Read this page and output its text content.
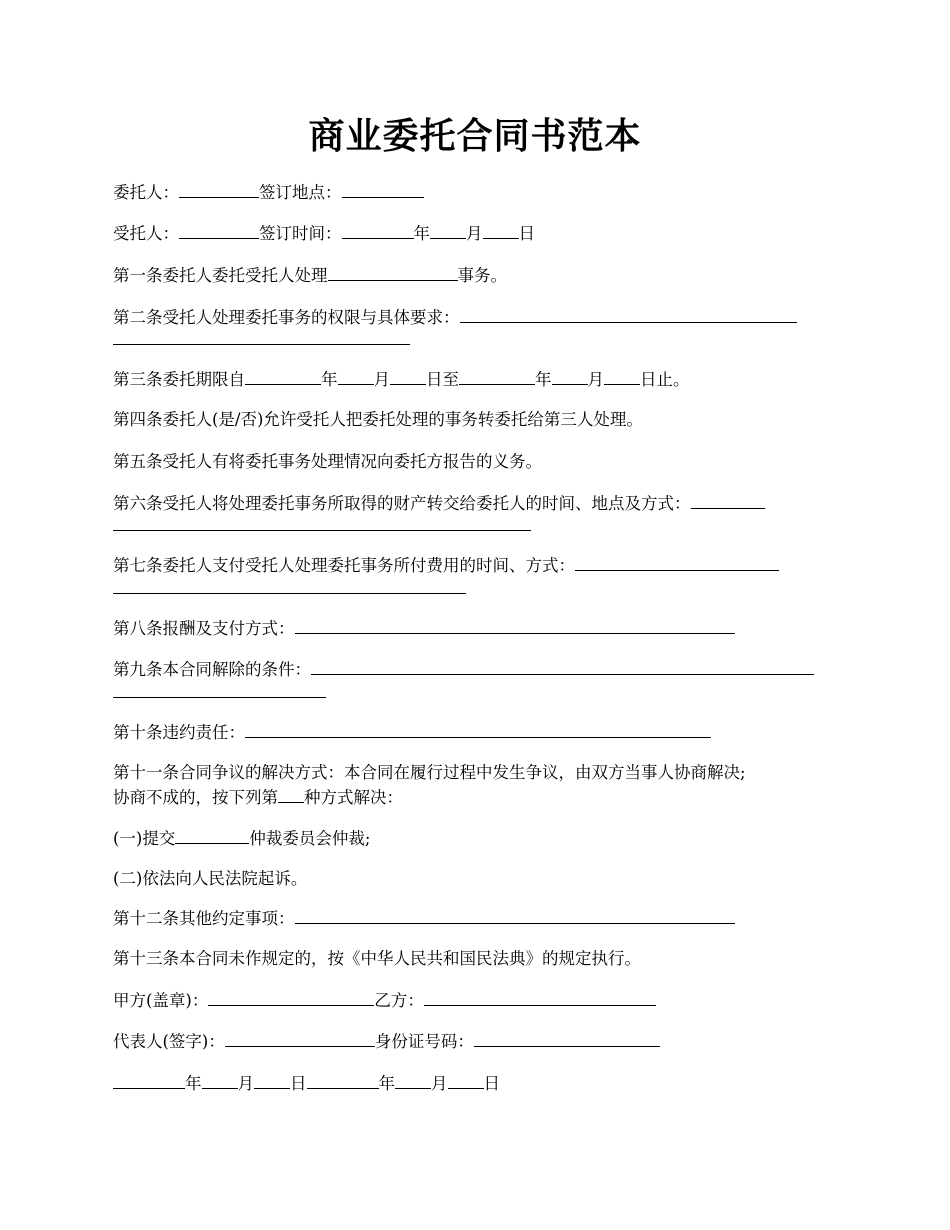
商业委托合同书范本
委托人：	签订地点：
受托人：	签订时间：	年 月 日
第一条委托人委托受托人处理	事务。
第二条受托人处理委托事务的权限与具体要求：
第三条委托期限自	年 月 日至	年 月 日止。
第四条委托人(是/否)允许受托人把委托处理的事务转委托给第三人处理。
第五条受托人有将委托事务处理情况向委托方报告的义务。
第六条受托人将处理委托事务所取得的财产转交给委托人的时间、地点及方式：
第七条委托人支付受托人处理委托事务所付费用的时间、方式：
第八条报酬及支付方式：
第九条本合同解除的条件：
第十条违约责任：
第十一条合同争议的解决方式：本合同在履行过程中发生争议，由双方当事人协商解决;
协商不成的，按下列第 种方式解决：
(一)提交	仲裁委员会仲裁;
(二)依法向人民法院起诉。
第十二条其他约定事项：
第十三条本合同未作规定的，按《中华人民共和国民法典》的规定执行。
甲方(盖章)：	乙方：
代表人(签字)：	身份证号码：
年 月 日	年 月 日
